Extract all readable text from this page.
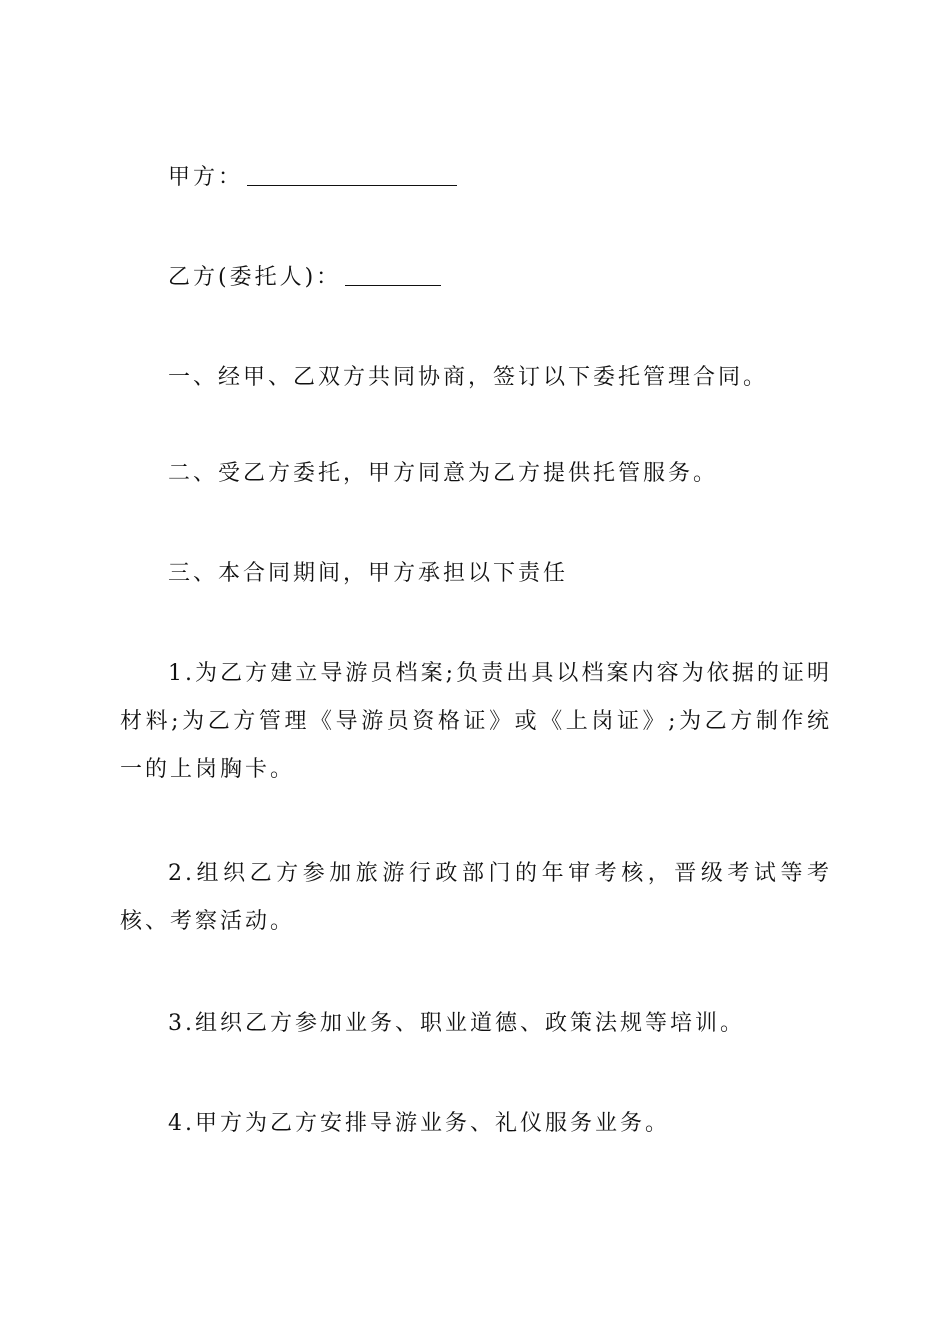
甲方：
乙方(委托人)：
一、经甲、乙双方共同协商，签订以下委托管理合同。
二、受乙方委托，甲方同意为乙方提供托管服务。
三、本合同期间，甲方承担以下责任
1.为乙方建立导游员档案;负责出具以档案内容为依据的证明材料;为乙方管理《导游员资格证》或《上岗证》;为乙方制作统一的上岗胸卡。
2.组织乙方参加旅游行政部门的年审考核，晋级考试等考核、考察活动。
3.组织乙方参加业务、职业道德、政策法规等培训。
4.甲方为乙方安排导游业务、礼仪服务业务。
